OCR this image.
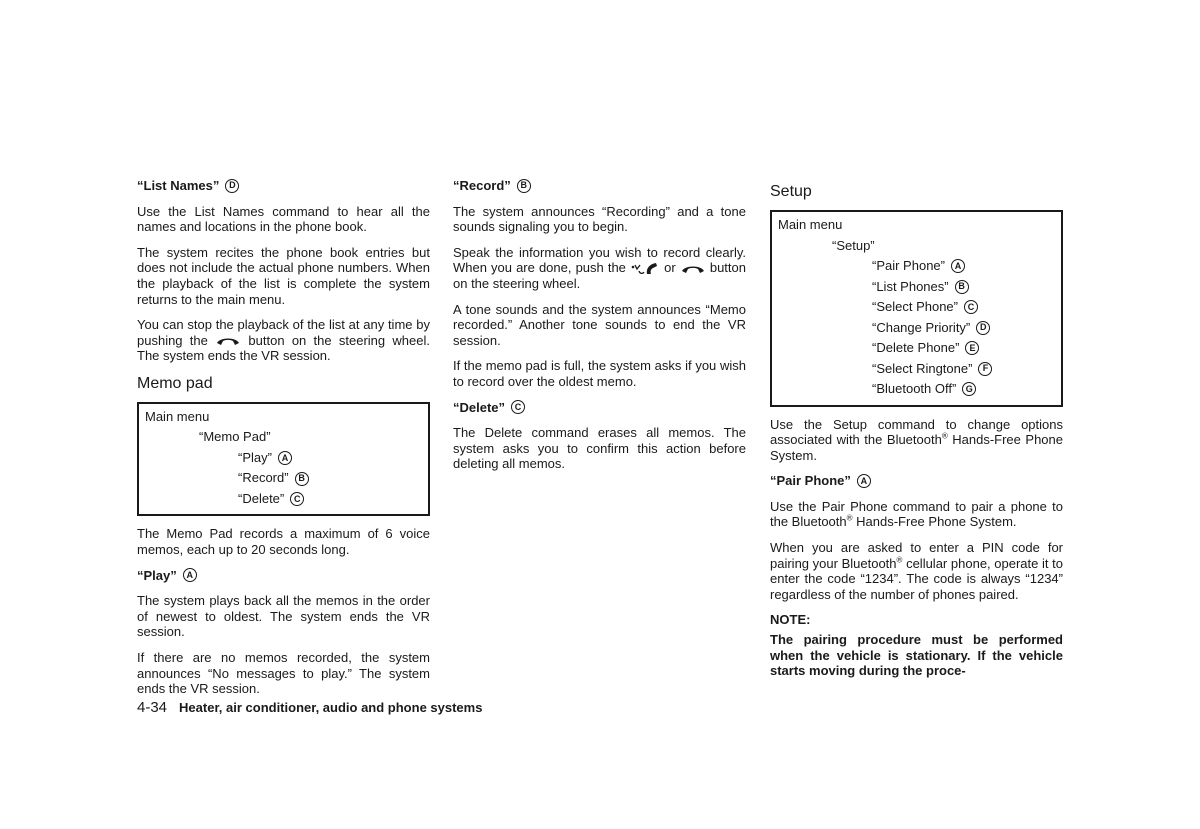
“List Names”	D

Use the List Names command to hear all the names and locations in the phone book.

The system recites the phone book entries but does not include the actual phone numbers. When the playback of the list is complete the system returns to the main menu.

You can stop the playback of the list at any time by pushing the	button on the steering wheel. The system ends the VR session.

Memo pad
Main menu
“Memo Pad”
“Play”	A
“Record”	B
“Delete”	C

The Memo Pad records a maximum of 6 voice memos, each up to 20 seconds long.

“Play”	A

The system plays back all the memos in the order of newest to oldest. The system ends the VR session.

If there are no memos recorded, the system announces “No messages to play.” The system ends the VR session.

“Record”	B

The system announces “Recording” and a tone sounds signaling you to begin.

Speak the information you wish to record clearly. When you are done, push the	or	button on the steering wheel.

A tone sounds and the system announces “Memo recorded.” Another tone sounds to end the VR session.

If the memo pad is full, the system asks if you wish to record over the oldest memo.

“Delete”	C

The Delete command erases all memos. The system asks you to confirm this action before deleting all memos.

Setup
Main menu
“Setup”
“Pair Phone”	A
“List Phones”	B
“Select Phone”	C
“Change Priority”	D
“Delete Phone”	E
“Select Ringtone”	F
“Bluetooth Off”	G

Use the Setup command to change options associated with the Bluetooth® Hands-Free Phone System.

“Pair Phone”	A

Use the Pair Phone command to pair a phone to the Bluetooth® Hands-Free Phone System.

When you are asked to enter a PIN code for pairing your Bluetooth® cellular phone, operate it to enter the code “1234”. The code is always “1234” regardless of the number of phones paired.

NOTE:

The pairing procedure must be performed when the vehicle is stationary. If the vehicle starts moving during the proce-

4-34 Heater, air conditioner, audio and phone systems
